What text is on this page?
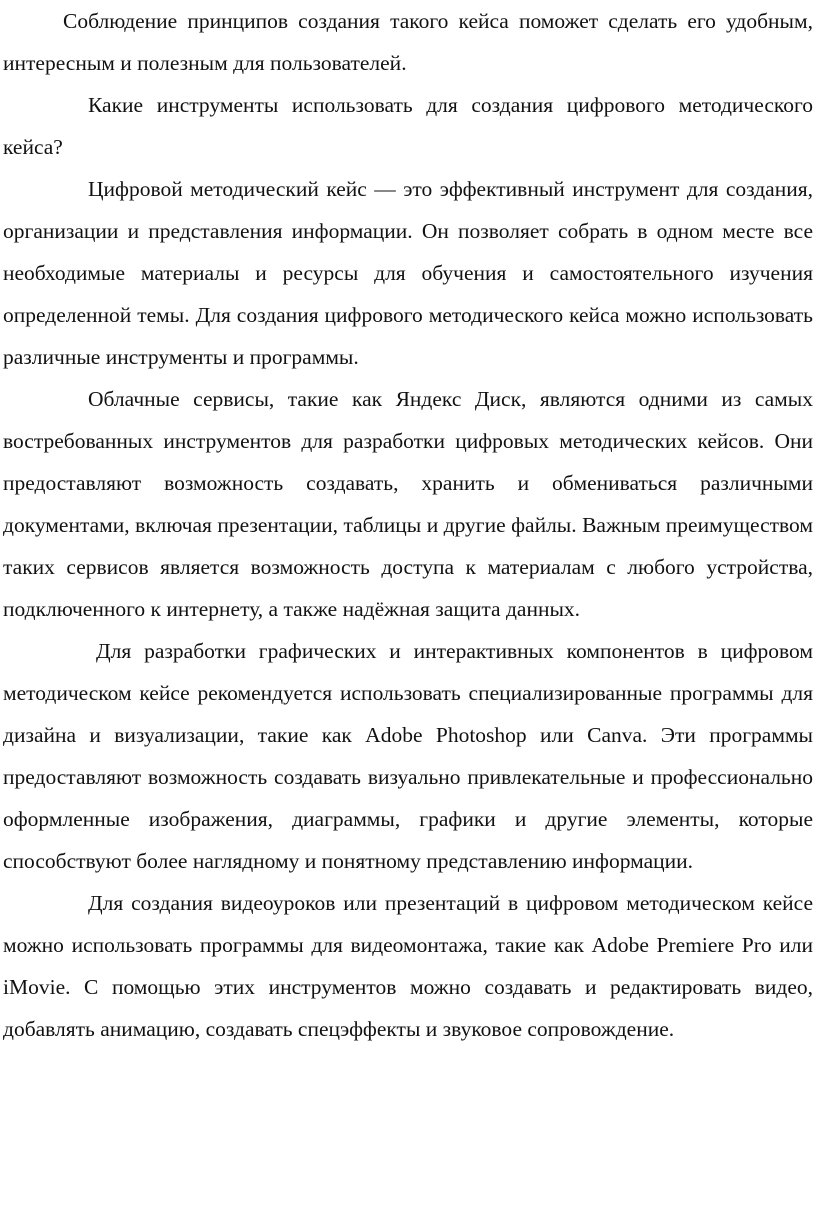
Соблюдение принципов создания такого кейса поможет сделать его удобным, интересным и полезным для пользователей.

Какие инструменты использовать для создания цифрового методического кейса?

Цифровой методический кейс — это эффективный инструмент для создания, организации и представления информации. Он позволяет собрать в одном месте все необходимые материалы и ресурсы для обучения и самостоятельного изучения определенной темы. Для создания цифрового методического кейса можно использовать различные инструменты и программы.

Облачные сервисы, такие как Яндекс Диск, являются одними из самых востребованных инструментов для разработки цифровых методических кейсов. Они предоставляют возможность создавать, хранить и обмениваться различными документами, включая презентации, таблицы и другие файлы. Важным преимуществом таких сервисов является возможность доступа к материалам с любого устройства, подключенного к интернету, а также надёжная защита данных.

Для разработки графических и интерактивных компонентов в цифровом методическом кейсе рекомендуется использовать специализированные программы для дизайна и визуализации, такие как Adobe Photoshop или Canva. Эти программы предоставляют возможность создавать визуально привлекательные и профессионально оформленные изображения, диаграммы, графики и другие элементы, которые способствуют более наглядному и понятному представлению информации.

Для создания видеоуроков или презентаций в цифровом методическом кейсе можно использовать программы для видеомонтажа, такие как Adobe Premiere Pro или iMovie. С помощью этих инструментов можно создавать и редактировать видео, добавлять анимацию, создавать спецэффекты и звуковое сопровождение.
